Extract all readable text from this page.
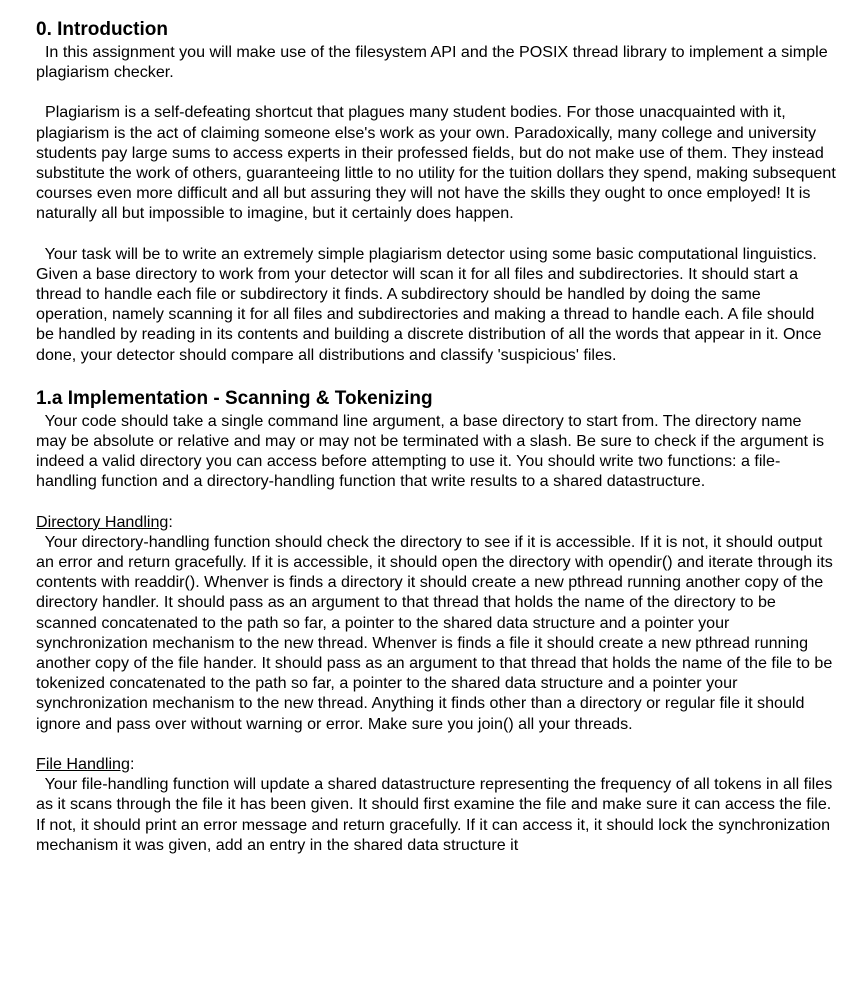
0. Introduction

In this assignment you will make use of the filesystem API and the POSIX thread library to implement a simple plagiarism checker.

Plagiarism is a self-defeating shortcut that plagues many student bodies. For those unacquainted with it, plagiarism is the act of claiming someone else's work as your own. Paradoxically, many college and university students pay large sums to access experts in their professed fields, but do not make use of them. They instead substitute the work of others, guaranteeing little to no utility for the tuition dollars they spend, making subsequent courses even more difficult and all but assuring they will not have the skills they ought to once employed! It is naturally all but impossible to imagine, but it certainly does happen.

Your task will be to write an extremely simple plagiarism detector using some basic computational linguistics. Given a base directory to work from your detector will scan it for all files and subdirectories. It should start a thread to handle each file or subdirectory it finds. A subdirectory should be handled by doing the same operation, namely scanning it for all files and subdirectories and making a thread to handle each. A file should be handled by reading in its contents and building a discrete distribution of all the words that appear in it. Once done, your detector should compare all distributions and classify 'suspicious' files.

1.a Implementation - Scanning & Tokenizing

Your code should take a single command line argument, a base directory to start from. The directory name may be absolute or relative and may or may not be terminated with a slash. Be sure to check if the argument is indeed a valid directory you can access before attempting to use it. You should write two functions: a file-handling function and a directory-handling function that write results to a shared datastructure.

Directory Handling:

Your directory-handling function should check the directory to see if it is accessible. If it is not, it should output an error and return gracefully. If it is accessible, it should open the directory with opendir() and iterate through its contents with readdir(). Whenver is finds a directory it should create a new pthread running another copy of the directory handler. It should pass as an argument to that thread that holds the name of the directory to be scanned concatenated to the path so far, a pointer to the shared data structure and a pointer your synchronization mechanism to the new thread. Whenver is finds a file it should create a new pthread running another copy of the file hander. It should pass as an argument to that thread that holds the name of the file to be tokenized concatenated to the path so far, a pointer to the shared data structure and a pointer your synchronization mechanism to the new thread. Anything it finds other than a directory or regular file it should ignore and pass over without warning or error. Make sure you join() all your threads.

File Handling:

Your file-handling function will update a shared datastructure representing the frequency of all tokens in all files as it scans through the file it has been given. It should first examine the file and make sure it can access the file. If not, it should print an error message and return gracefully. If it can access it, it should lock the synchronization mechanism it was given, add an entry in the shared data structure it
